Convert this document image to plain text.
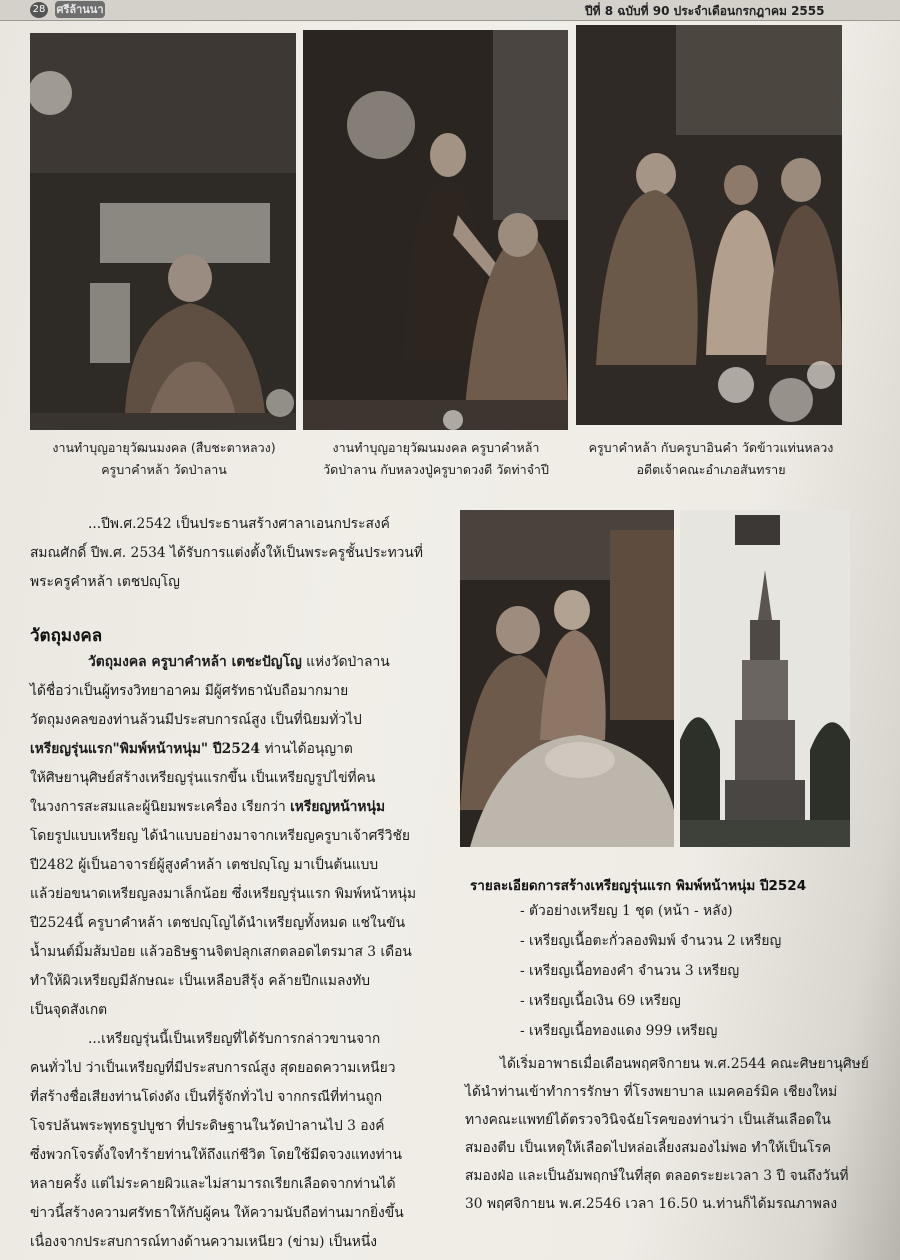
28 ศรีล้านนา	ปีที่ 8 ฉบับที่ 90 ประจำเดือนกรกฎาคม 2555
งานทำบุญอายุวัฒนมงคล (สืบชะตาหลวง)
ครูบาคำหล้า วัดป่าลาน
งานทำบุญอายุวัฒนมงคล ครูบาคำหล้า
วัดป่าลาน กับหลวงปู่ครูบาดวงดี วัดท่าจำปี
ครูบาคำหล้า กับครูบาอินคำ วัดข้าวแท่นหลวง
อดีตเจ้าคณะอำเภอสันทราย

...ปีพ.ศ.2542 เป็นประธานสร้างศาลาเอนกประสงค์

สมณศักดิ์ ปีพ.ศ. 2534 ได้รับการแต่งตั้งให้เป็นพระครูชั้นประทวนที่

พระครูคำหล้า เตชปญฺโญ

วัตถุมงคล

วัตถุมงคล ครูบาคำหล้า เตชะปัญโญ แห่งวัดป่าลาน

ได้ชื่อว่าเป็นผู้ทรงวิทยาอาคม มีผู้ศรัทธานับถือมากมาย

วัตถุมงคลของท่านล้วนมีประสบการณ์สูง เป็นที่นิยมทั่วไป

เหรียญรุ่นแรก"พิมพ์หน้าหนุ่ม" ปี2524 ท่านได้อนุญาต

ให้ศิษยานุศิษย์สร้างเหรียญรุ่นแรกขึ้น เป็นเหรียญรูปไข่ที่คน

ในวงการสะสมและผู้นิยมพระเครื่อง เรียกว่า เหรียญหน้าหนุ่ม

โดยรูปแบบเหรียญ ได้นำแบบอย่างมาจากเหรียญครูบาเจ้าศรีวิชัย

ปี2482 ผู้เป็นอาจารย์ผู้สูงคำหล้า เตชปญฺโญ มาเป็นต้นแบบ

แล้วย่อขนาดเหรียญลงมาเล็กน้อย ซึ่งเหรียญรุ่นแรก พิมพ์หน้าหนุ่ม

ปี2524นี้ ครูบาคำหล้า เตชปญฺโญได้นำเหรียญทั้งหมด แช่ในขัน

น้ำมนต์มิ้มส้มป่อย แล้วอธิษฐานจิตปลุกเสกตลอดไตรมาส 3 เดือน

ทำให้ผิวเหรียญมีลักษณะ เป็นเหลือบสีรุ้ง คล้ายปีกแมลงทับ

เป็นจุดสังเกต

...เหรียญรุ่นนี้เป็นเหรียญที่ได้รับการกล่าวขานจาก

คนทั่วไป ว่าเป็นเหรียญที่มีประสบการณ์สูง สุดยอดความเหนียว

ที่สร้างชื่อเสียงท่านโด่งดัง เป็นที่รู้จักทั่วไป จากกรณีที่ท่านถูก

โจรปล้นพระพุทธรูปบูชา ที่ประดิษฐานในวัดป่าลานไป 3 องค์

ซึ่งพวกโจรตั้งใจทำร้ายท่านให้ถึงแก่ชีวิต โดยใช้มีดจวงแทงท่าน

หลายครั้ง แต่ไม่ระคายผิวและไม่สามารถเรียกเลือดจากท่านได้

ข่าวนี้สร้างความศรัทธาให้กับผู้คน ให้ความนับถือท่านมากยิ่งขึ้น

เนื่องจากประสบการณ์ทางด้านความเหนียว (ข่าม) เป็นหนึ่ง

รายละเอียดการสร้างเหรียญรุ่นแรก พิมพ์หน้าหนุ่ม ปี2524
- ตัวอย่างเหรียญ 1 ชุด (หน้า - หลัง)
- เหรียญเนื้อตะกั่วลองพิมพ์ จำนวน 2 เหรียญ
- เหรียญเนื้อทองคำ จำนวน 3 เหรียญ
- เหรียญเนื้อเงิน 69 เหรียญ
- เหรียญเนื้อทองแดง 999 เหรียญ

ได้เริ่มอาพาธเมื่อเดือนพฤศจิกายน พ.ศ.2544 คณะศิษยานุศิษย์

ได้นำท่านเข้าทำการรักษา ที่โรงพยาบาล แมคคอร์มิค เชียงใหม่

ทางคณะแพทย์ได้ตรวจวินิจฉัยโรคของท่านว่า เป็นเส้นเลือดใน

สมองตีบ เป็นเหตุให้เลือดไปหล่อเลี้ยงสมองไม่พอ ทำให้เป็นโรค

สมองฝ่อ และเป็นอัมพฤกษ์ในที่สุด ตลอดระยะเวลา 3 ปี จนถึงวันที่

30 พฤศจิกายน พ.ศ.2546 เวลา 16.50 น.ท่านก็ได้มรณภาพลง
